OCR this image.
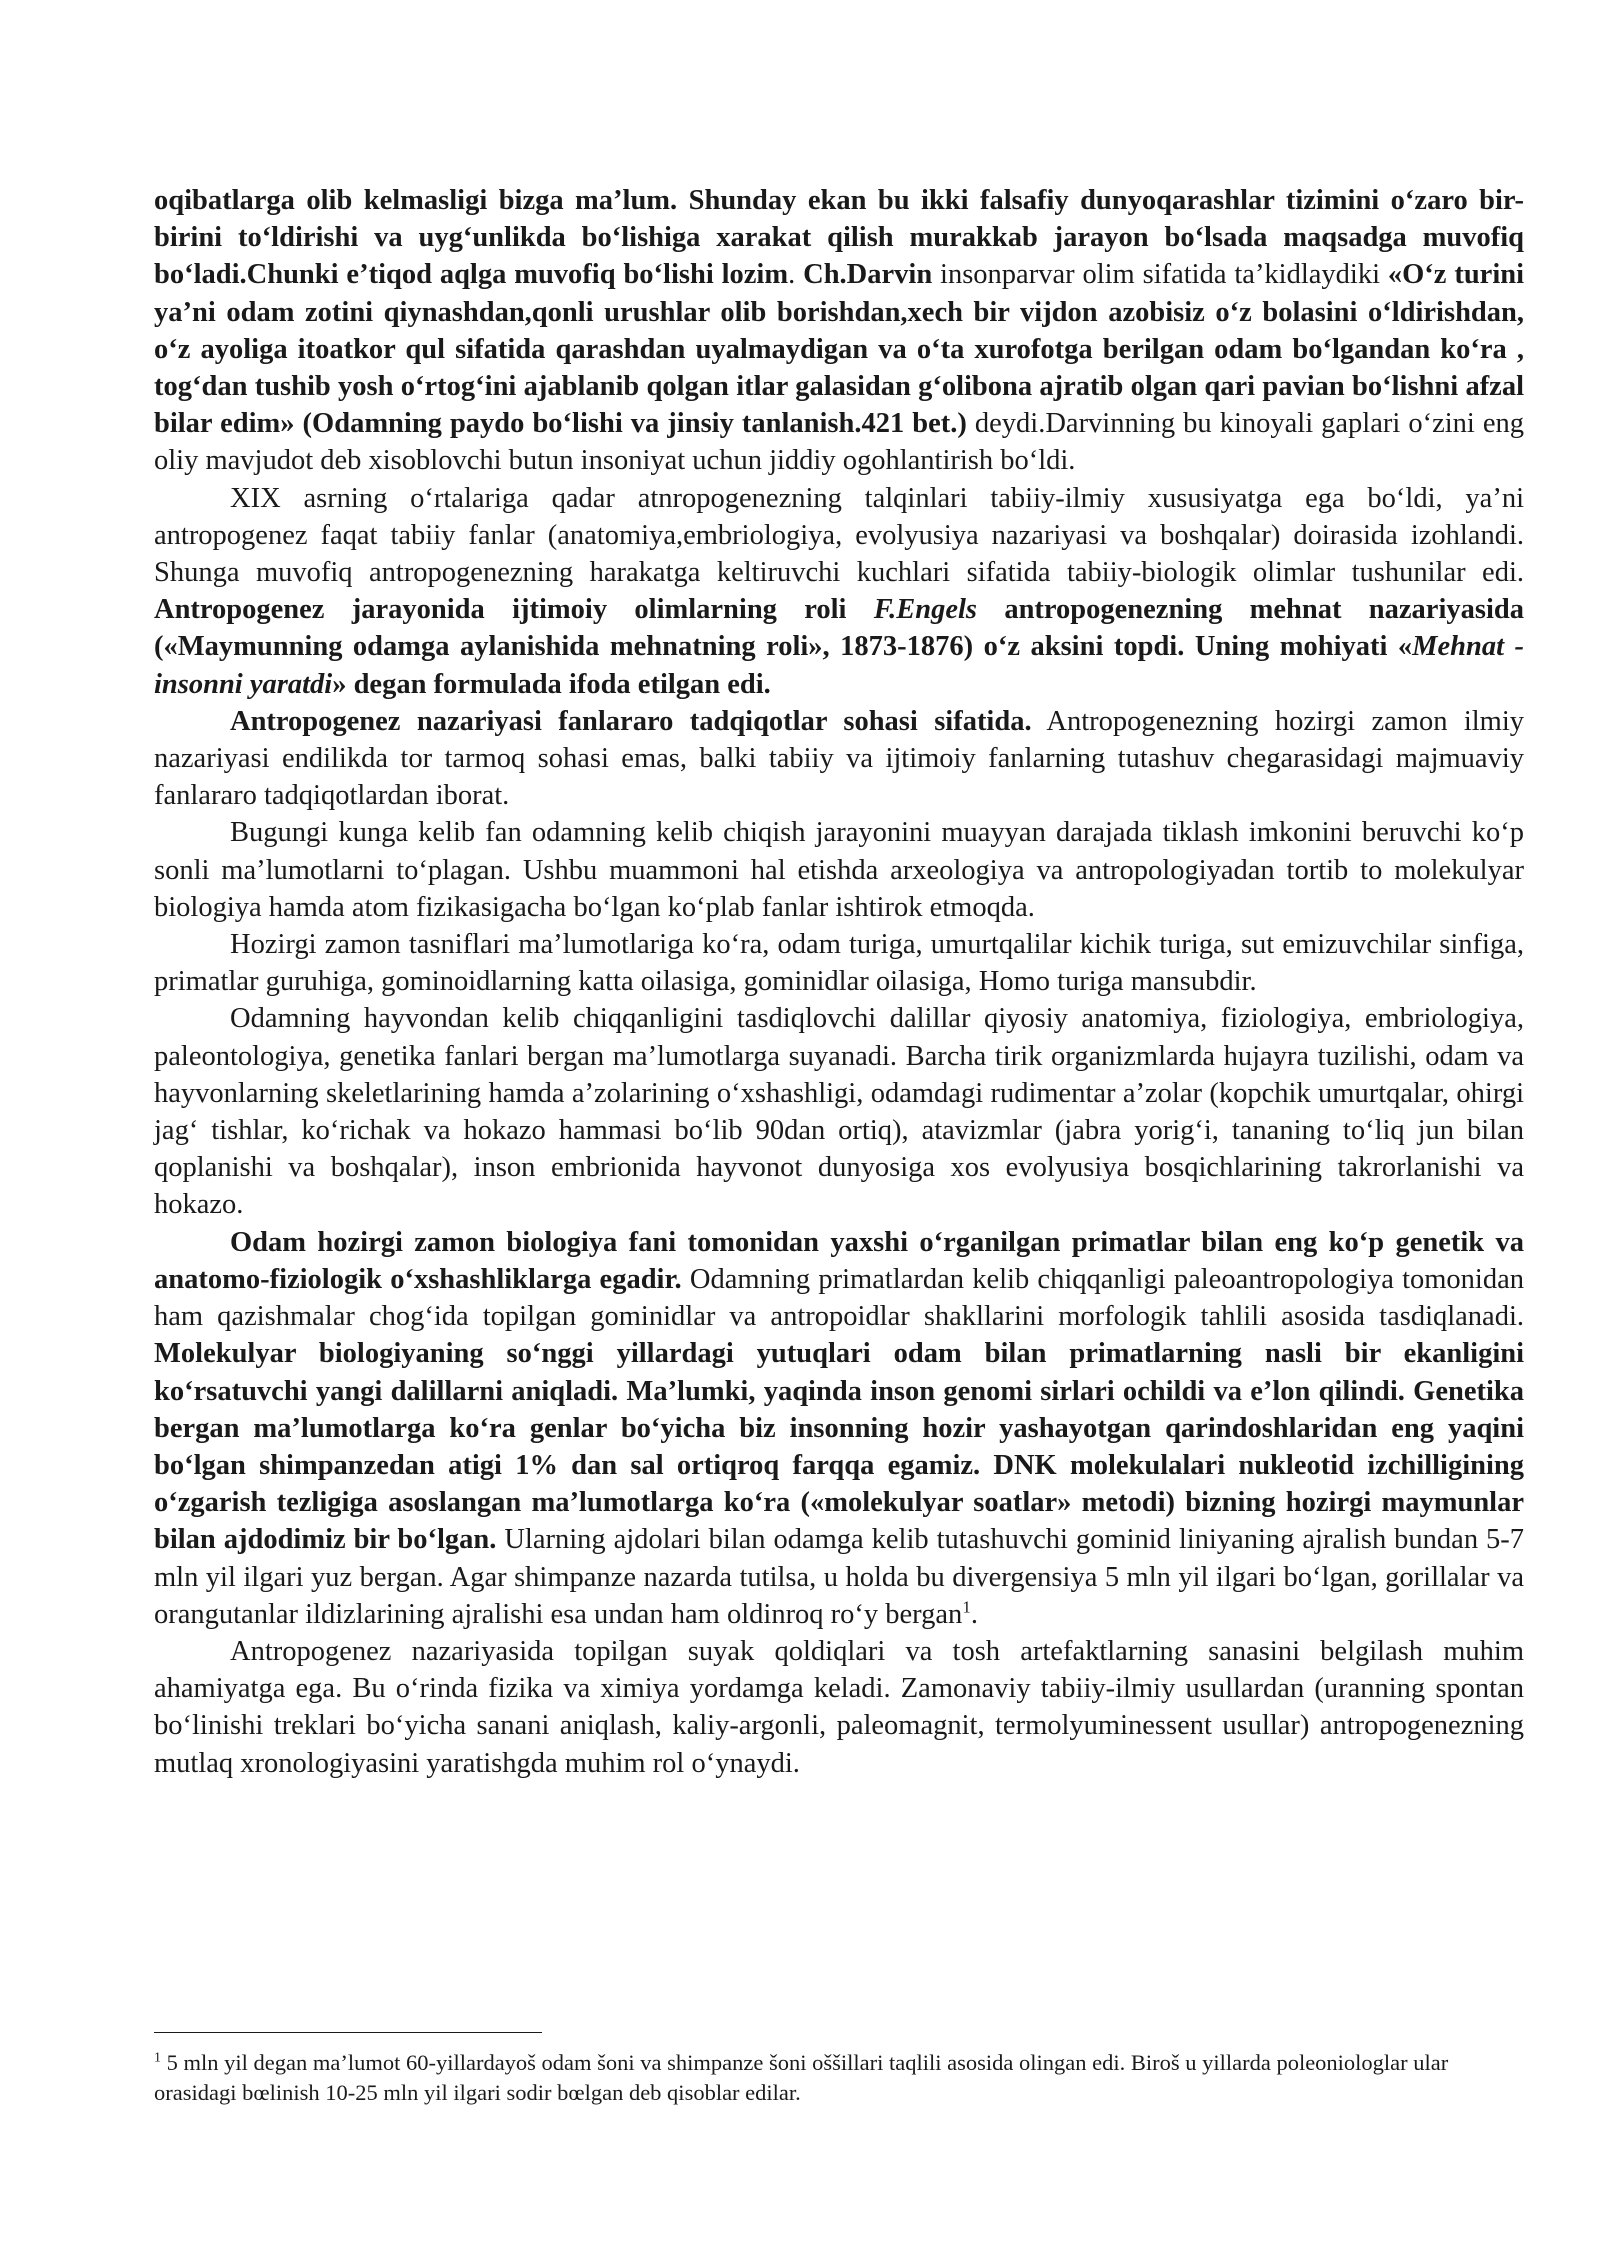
oqibatlarga olib kelmasligi bizga ma’lum. Shunday ekan bu ikki falsafiy dunyoqarashlar tizimini o‘zaro bir-birini to‘ldirishi va uyg‘unlikda bo‘lishiga xarakat qilish murakkab jarayon bo‘lsada maqsadga muvofiq bo‘ladi.Chunki e’tiqod aqlga muvofiq bo‘lishi lozim. Ch.Darvin insonparvar olim sifatida ta’kidlaydiki «O‘z turini ya’ni odam zotini qiynashdan,qonli urushlar olib borishdan,xech bir vijdon azobisiz o‘z bolasini o‘ldirishdan, o‘z ayoliga itoatkor qul sifatida qarashdan uyalmaydigan va o‘ta xurofotga berilgan odam bo‘lgandan ko‘ra , tog‘dan tushib yosh o‘rtog‘ini ajablanib qolgan itlar galasidan g‘olibona ajratib olgan qari pavian bo‘lishni afzal bilar edim» (Odamning paydo bo‘lishi va jinsiy tanlanish.421 bet.) deydi.Darvinning bu kinoyali gaplari o‘zini eng oliy mavjudot deb xisoblovchi butun insoniyat uchun jiddiy ogohlantirish bo‘ldi.

XIX asrning o‘rtalariga qadar atnropogenezning talqinlari tabiiy-ilmiy xususiyatga ega bo‘ldi, ya’ni antropogenez faqat tabiiy fanlar (anatomiya,embriologiya, evolyusiya nazariyasi va boshqalar) doirasida izohlandi. Shunga muvofiq antropogenezning harakatga keltiruvchi kuchlari sifatida tabiiy-biologik olimlar tushunilar edi. Antropogenez jarayonida ijtimoiy olimlarning roli F.Engels antropogenezning mehnat nazariyasida («Maymunning odamga aylanishida mehnatning roli», 1873-1876) o‘z aksini topdi. Uning mohiyati «Mehnat -insonni yaratdi» degan formulada ifoda etilgan edi.

Antropogenez nazariyasi fanlararo tadqiqotlar sohasi sifatida. Antropogenezning hozirgi zamon ilmiy nazariyasi endilikda tor tarmoq sohasi emas, balki tabiiy va ijtimoiy fanlarning tutashuv chegarasidagi majmuaviy fanlararo tadqiqotlardan iborat.

Bugungi kunga kelib fan odamning kelib chiqish jarayonini muayyan darajada tiklash imkonini beruvchi ko‘p sonli ma’lumotlarni to‘plagan. Ushbu muammoni hal etishda arxeologiya va antropologiyadan tortib to molekulyar biologiya hamda atom fizikasigacha bo‘lgan ko‘plab fanlar ishtirok etmoqda.

Hozirgi zamon tasniflari ma’lumotlariga ko‘ra, odam turiga, umurtqalilar kichik turiga, sut emizuvchilar sinfiga, primatlar guruhiga, gominoidlarning katta oilasiga, gominidlar oilasiga, Homo turiga mansubdir.

Odamning hayvondan kelib chiqqanligini tasdiqlovchi dalillar qiyosiy anatomiya, fiziologiya, embriologiya, paleontologiya, genetika fanlari bergan ma’lumotlarga suyanadi. Barcha tirik organizmlarda hujayra tuzilishi, odam va hayvonlarning skeletlarining hamda a’zolarining o‘xshashligi, odamdagi rudimentar a’zolar (kopchik umurtqalar, ohirgi jag‘ tishlar, ko‘richak va hokazo hammasi bo‘lib 90dan ortiq), atavizmlar (jabra yorig‘i, tananing to‘liq jun bilan qoplanishi va boshqalar), inson embrionida hayvonot dunyosiga xos evolyusiya bosqichlarining takrorlanishi va hokazo.

Odam hozirgi zamon biologiya fani tomonidan yaxshi o‘rganilgan primatlar bilan eng ko‘p genetik va anatomo-fiziologik o‘xshashliklarga egadir. Odamning primatlardan kelib chiqqanligi paleoantropologiya tomonidan ham qazishmalar chog‘ida topilgan gominidlar va antropoidlar shakllarini morfologik tahlili asosida tasdiqlanadi. Molekulyar biologiyaning so‘nggi yillardagi yutuqlari odam bilan primatlarning nasli bir ekanligini ko‘rsatuvchi yangi dalillarni aniqladi. Ma’lumki, yaqinda inson genomi sirlari ochildi va e’lon qilindi. Genetika bergan ma’lumotlarga ko‘ra genlar bo‘yicha biz insonning hozir yashayotgan qarindoshlaridan eng yaqini bo‘lgan shimpanzedan atigi 1% dan sal ortiqroq farqqa egamiz. DNK molekulalari nukleotid izchilligining o‘zgarish tezligiga asoslangan ma’lumotlarga ko‘ra («molekulyar soatlar» metodi) bizning hozirgi maymunlar bilan ajdodimiz bir bo‘lgan. Ularning ajdolari bilan odamga kelib tutashuvchi gominid liniyaning ajralish bundan 5-7 mln yil ilgari yuz bergan. Agar shimpanze nazarda tutilsa, u holda bu divergensiya 5 mln yil ilgari bo‘lgan, gorillalar va orangutanlar ildizlarining ajralishi esa undan ham oldinroq ro‘y bergan$^1$.

Antropogenez nazariyasida topilgan suyak qoldiqlari va tosh artefaktlarning sanasini belgilash muhim ahamiyatga ega. Bu o‘rinda fizika va ximiya yordamga keladi. Zamonaviy tabiiy-ilmiy usullardan (uranning spontan bo‘linishi treklari bo‘yicha sanani aniqlash, kaliy-argonli, paleomagnit, termolyuminessent usullar) antropogenezning mutlaq xronologiyasini yaratishgda muhim rol o‘ynaydi.

$^1$ 5 mln yil degan ma’lumot 60-yillardayoš odam šoni va shimpanze šoni oššillari taqlili asosida olingan edi. Biroš u yillarda poleoniologlar ular orasidagi bœlinish 10-25 mln yil ilgari sodir bœlgan deb qisoblar edilar.
